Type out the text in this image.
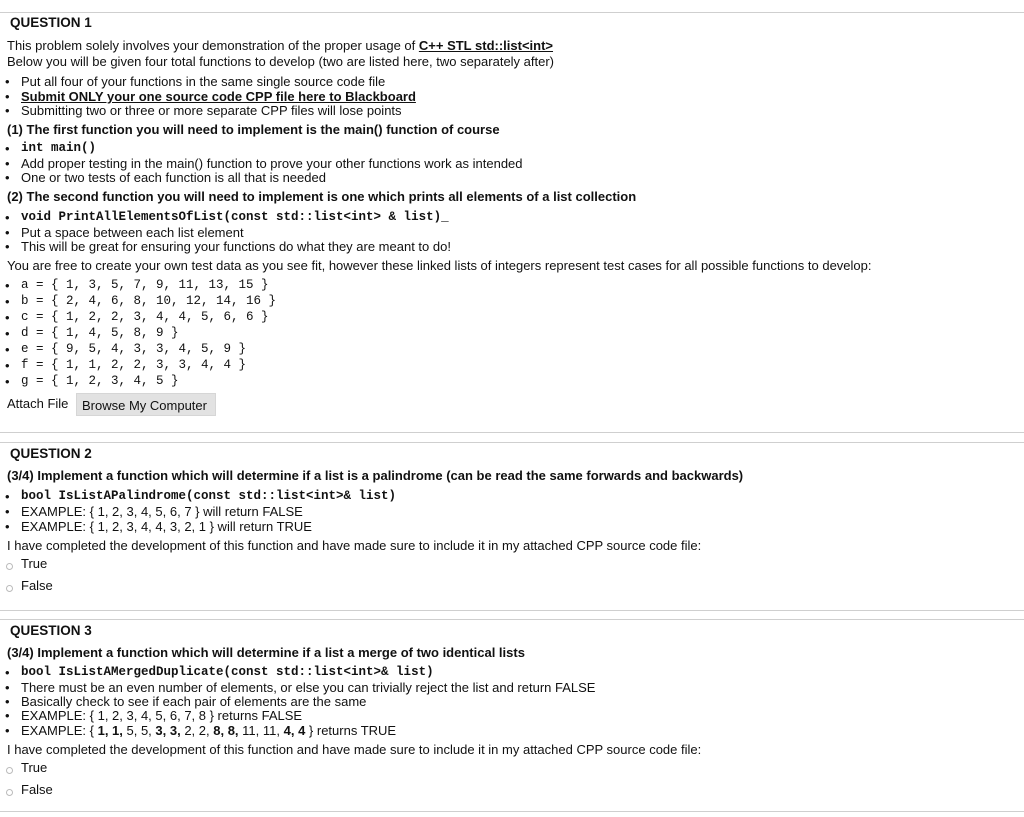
QUESTION 1
This problem solely involves your demonstration of the proper usage of C++ STL std::list<int>
Below you will be given four total functions to develop (two are listed here, two separately after)
• Put all four of your functions in the same single source code file
• Submit ONLY your one source code CPP file here to Blackboard
• Submitting two or three or more separate CPP files will lose points
(1) The first function you will need to implement is the main() function of course
• int main()
• Add proper testing in the main() function to prove your other functions work as intended
• One or two tests of each function is all that is needed
(2) The second function you will need to implement is one which prints all elements of a list collection
• void PrintAllElementsOfList(const std::list<int> & list)_
• Put a space between each list element
• This will be great for ensuring your functions do what they are meant to do!
You are free to create your own test data as you see fit, however these linked lists of integers represent test cases for all possible functions to develop:
• a = { 1, 3, 5, 7, 9, 11, 13, 15 }
• b = { 2, 4, 6, 8, 10, 12, 14, 16 }
• c = { 1, 2, 2, 3, 4, 4, 5, 6, 6 }
• d = { 1, 4, 5, 8, 9 }
• e = { 9, 5, 4, 3, 3, 4, 5, 9 }
• f = { 1, 1, 2, 2, 3, 3, 4, 4 }
• g = { 1, 2, 3, 4, 5 }
Attach File	Browse My Computer
QUESTION 2
(3/4) Implement a function which will determine if a list is a palindrome (can be read the same forwards and backwards)
• bool IsListAPalindrome(const std::list<int>& list)
• EXAMPLE: { 1, 2, 3, 4, 5, 6, 7 } will return FALSE
• EXAMPLE: { 1, 2, 3, 4, 4, 3, 2, 1 } will return TRUE
I have completed the development of this function and have made sure to include it in my attached CPP source code file:
True
False
QUESTION 3
(3/4) Implement a function which will determine if a list a merge of two identical lists
• bool IsListAMergedDuplicate(const std::list<int>& list)
• There must be an even number of elements, or else you can trivially reject the list and return FALSE
• Basically check to see if each pair of elements are the same
• EXAMPLE: { 1, 2, 3, 4, 5, 6, 7, 8 } returns FALSE
• EXAMPLE: { 1, 1, 5, 5, 3, 3, 2, 2, 8, 8, 11, 11, 4, 4 } returns TRUE
I have completed the development of this function and have made sure to include it in my attached CPP source code file:
True
False
